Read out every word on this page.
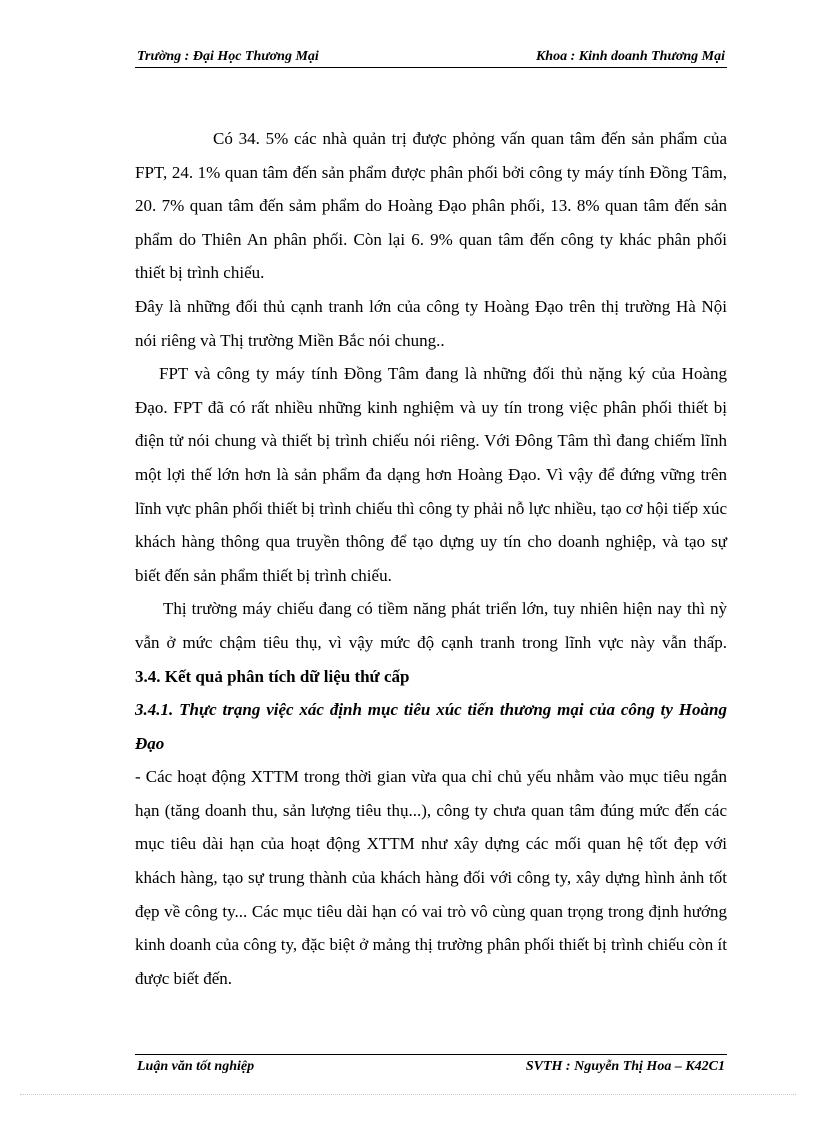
Trường : Đại Học Thương Mại	Khoa : Kinh doanh Thương Mại

Có 34. 5% các nhà quản trị được phỏng vấn quan tâm đến sản phẩm của FPT, 24. 1% quan tâm đến sản phẩm được phân phối bởi công ty máy tính Đồng Tâm, 20. 7% quan tâm đến sảm phẩm do Hoàng Đạo phân phối, 13. 8% quan tâm đến sản phẩm do Thiên An phân phối. Còn lại 6. 9% quan tâm đến công ty khác phân phối thiết bị trình chiếu.

Đây là những đối thủ cạnh tranh lớn của công ty Hoàng Đạo trên thị trường Hà Nội nói riêng và Thị trường Miền Bắc nói chung..

FPT và công ty máy tính Đồng Tâm đang là những đối thủ nặng ký của Hoàng Đạo. FPT đã có rất nhiều những kinh nghiệm và uy tín trong việc phân phối thiết bị điện tử nói chung và thiết bị trình chiếu nói riêng. Với Đông Tâm thì đang chiếm lĩnh một lợi thế lớn hơn là sản phẩm đa dạng hơn Hoàng Đạo. Vì vậy để đứng vững trên lĩnh vực phân phối thiết bị trình chiếu thì công ty phải nỗ lực nhiều, tạo cơ hội tiếp xúc khách hàng thông qua truyền thông để tạo dựng uy tín cho doanh nghiệp, và tạo sự biết đến sản phẩm thiết bị trình chiếu.

Thị trường máy chiếu đang có tiềm năng phát triển lớn, tuy nhiên hiện nay thì nỳ vẫn ở mức chậm tiêu thụ, vì vậy mức độ cạnh tranh trong lĩnh vực này vẫn thấp.

3.4. Kết quả phân tích dữ liệu thứ cấp

3.4.1. Thực trạng việc xác định mục tiêu xúc tiến thương mại của công ty Hoàng Đạo

- Các hoạt động XTTM trong thời gian vừa qua chỉ chủ yếu nhằm vào mục tiêu ngắn hạn (tăng doanh thu, sản lượng tiêu thụ...), công ty chưa quan tâm đúng mức đến các mục tiêu dài hạn của hoạt động XTTM như xây dựng các mối quan hệ tốt đẹp với khách hàng, tạo sự trung thành của khách hàng đối với công ty, xây dựng hình ảnh tốt đẹp về công ty... Các mục tiêu dài hạn có vai trò vô cùng quan trọng trong định hướng kinh doanh của công ty, đặc biệt ở mảng thị trường phân phối thiết bị trình chiếu còn ít được biết đến.

Luận văn tốt nghiệp	SVTH : Nguyễn Thị Hoa – K42C1
